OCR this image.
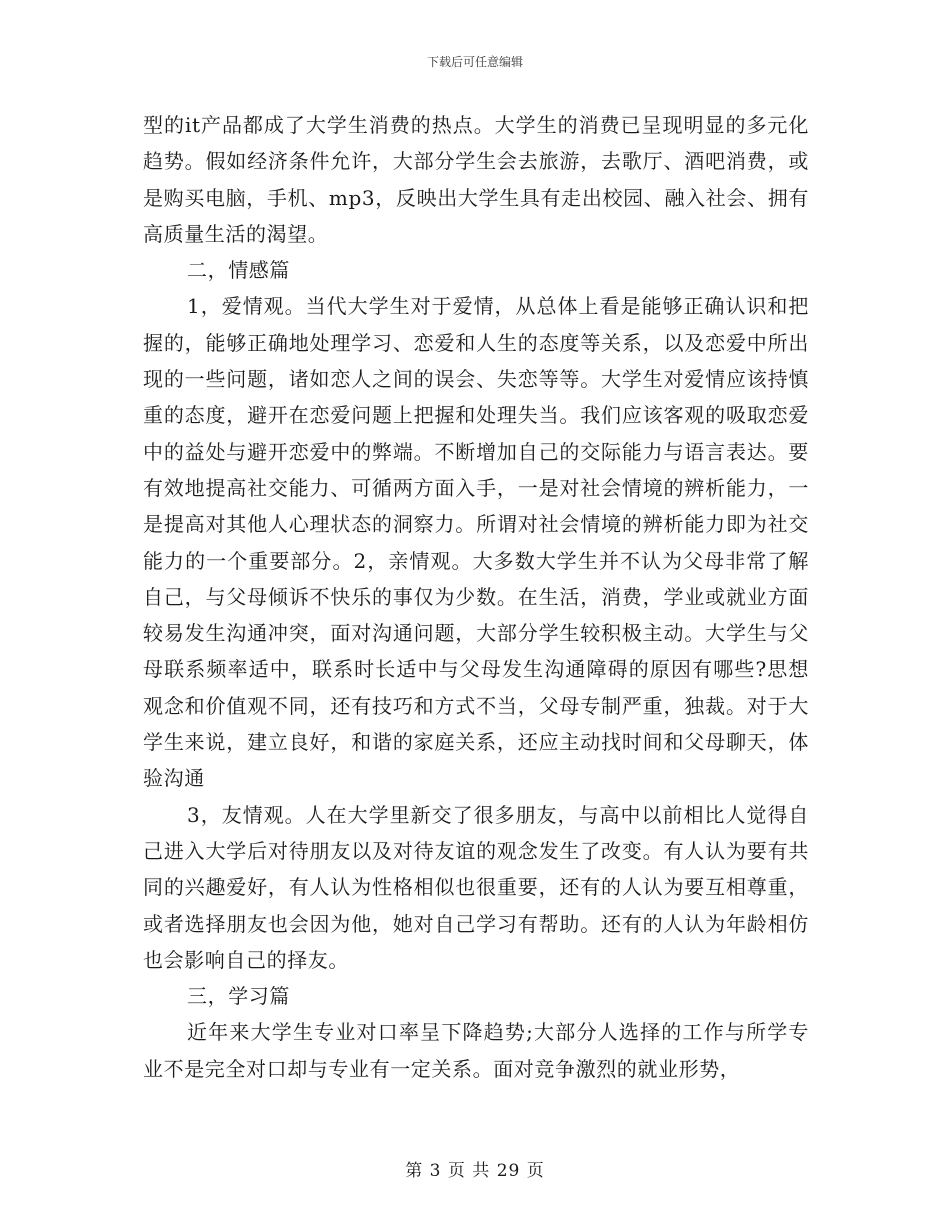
下载后可任意编辑

型的it产品都成了大学生消费的热点。大学生的消费已呈现明显的多元化趋势。假如经济条件允许，大部分学生会去旅游，去歌厅、酒吧消费，或是购买电脑，手机、mp3，反映出大学生具有走出校园、融入社会、拥有高质量生活的渴望。

二，情感篇

1，爱情观。当代大学生对于爱情，从总体上看是能够正确认识和把握的，能够正确地处理学习、恋爱和人生的态度等关系，以及恋爱中所出现的一些问题，诸如恋人之间的误会、失恋等等。大学生对爱情应该持慎重的态度，避开在恋爱问题上把握和处理失当。我们应该客观的吸取恋爱中的益处与避开恋爱中的弊端。不断增加自己的交际能力与语言表达。要有效地提高社交能力、可循两方面入手，一是对社会情境的辨析能力，一是提高对其他人心理状态的洞察力。所谓对社会情境的辨析能力即为社交能力的一个重要部分。2，亲情观。大多数大学生并不认为父母非常了解自己，与父母倾诉不快乐的事仅为少数。在生活，消费，学业或就业方面较易发生沟通冲突，面对沟通问题，大部分学生较积极主动。大学生与父母联系频率适中，联系时长适中与父母发生沟通障碍的原因有哪些?思想观念和价值观不同，还有技巧和方式不当，父母专制严重，独裁。对于大学生来说，建立良好，和谐的家庭关系，还应主动找时间和父母聊天，体验沟通

3，友情观。人在大学里新交了很多朋友，与高中以前相比人觉得自己进入大学后对待朋友以及对待友谊的观念发生了改变。有人认为要有共同的兴趣爱好，有人认为性格相似也很重要，还有的人认为要互相尊重，或者选择朋友也会因为他，她对自己学习有帮助。还有的人认为年龄相仿也会影响自己的择友。

三，学习篇

近年来大学生专业对口率呈下降趋势;大部分人选择的工作与所学专业不是完全对口却与专业有一定关系。面对竞争激烈的就业形势，

第 3 页 共 29 页
